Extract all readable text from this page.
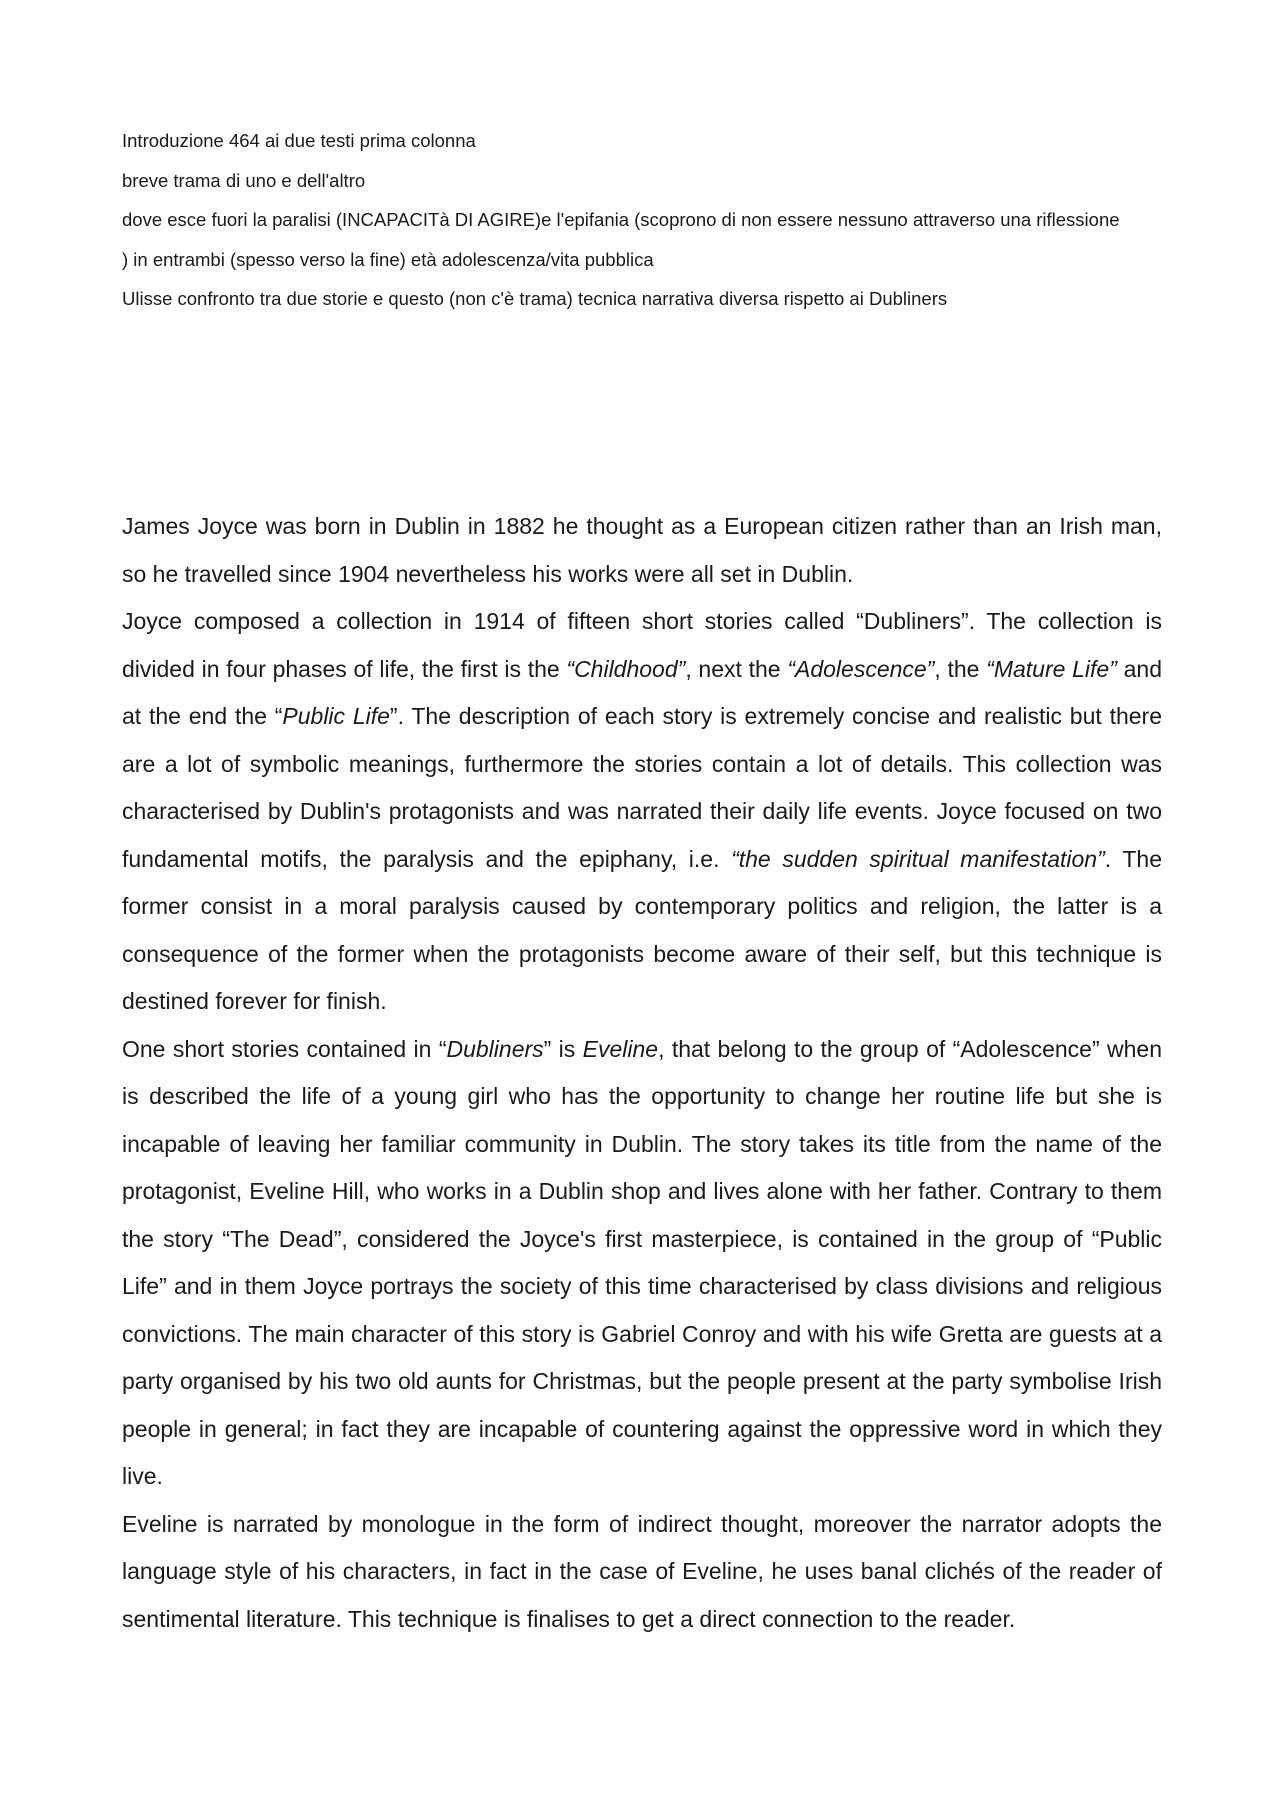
Introduzione 464 ai due testi prima colonna
breve trama di uno e dell'altro
dove esce fuori la paralisi (INCAPACITà DI AGIRE)e l'epifania (scoprono di non essere nessuno attraverso una riflessione
) in entrambi (spesso verso la fine) età adolescenza/vita pubblica
Ulisse confronto tra due storie e questo (non c'è trama) tecnica narrativa diversa rispetto ai Dubliners

James Joyce was born in Dublin in 1882 he thought as a European citizen rather than an Irish man, so he travelled since 1904 nevertheless his works were all set in Dublin.

Joyce composed a collection in 1914 of fifteen short stories called “Dubliners”. The collection is divided in four phases of life, the first is the “Childhood”, next the “Adolescence”, the “Mature Life” and at the end the “Public Life”. The description of each story is extremely concise and realistic but there are a lot of symbolic meanings, furthermore the stories contain a lot of details. This collection was characterised by Dublin's protagonists and was narrated their daily life events. Joyce focused on two fundamental motifs, the paralysis and the epiphany, i.e. “the sudden spiritual manifestation”. The former consist in a moral paralysis caused by contemporary politics and religion, the latter is a consequence of the former when the protagonists become aware of their self, but this technique is destined forever for finish.

One short stories contained in “Dubliners” is Eveline, that belong to the group of “Adolescence” when is described the life of a young girl who has the opportunity to change her routine life but she is incapable of leaving her familiar community in Dublin. The story takes its title from the name of the protagonist, Eveline Hill, who works in a Dublin shop and lives alone with her father. Contrary to them the story “The Dead”, considered the Joyce's first masterpiece, is contained in the group of “Public Life” and in them Joyce portrays the society of this time characterised by class divisions and religious convictions. The main character of this story is Gabriel Conroy and with his wife Gretta are guests at a party organised by his two old aunts for Christmas, but the people present at the party symbolise Irish people in general; in fact they are incapable of countering against the oppressive word in which they live.

Eveline is narrated by monologue in the form of indirect thought, moreover the narrator adopts the language style of his characters, in fact in the case of Eveline, he uses banal clichés of the reader of sentimental literature. This technique is finalises to get a direct connection to the reader.
